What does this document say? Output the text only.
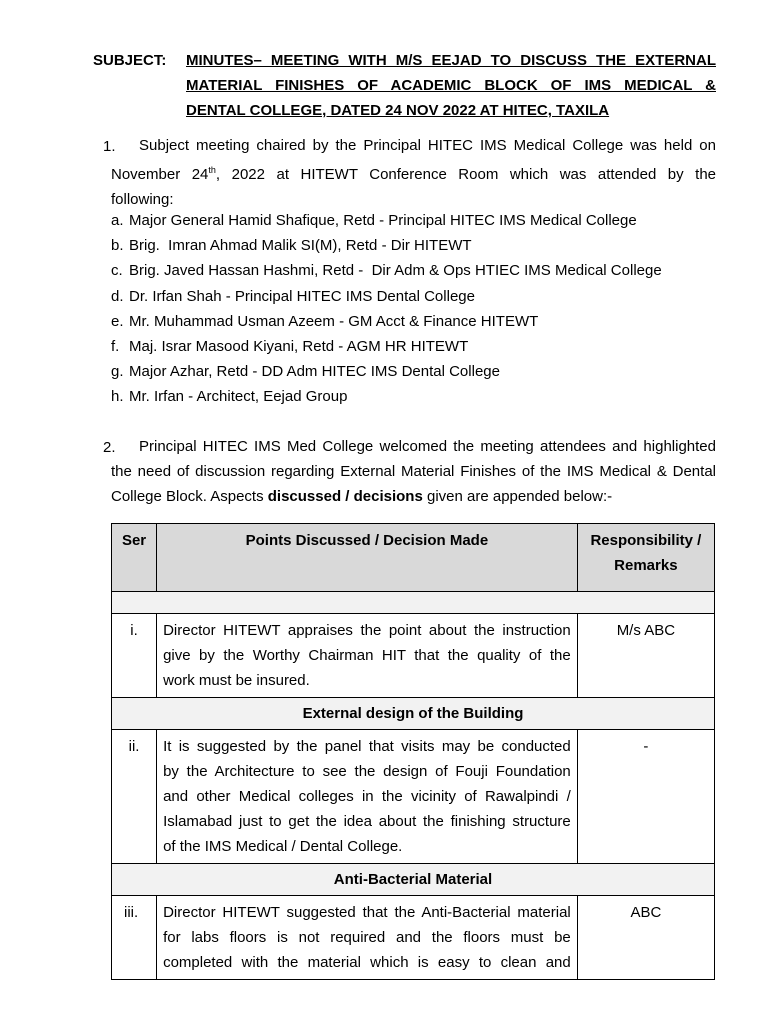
SUBJECT: MINUTES– MEETING WITH M/S EEJAD TO DISCUSS THE EXTERNAL
MATERIAL FINISHES OF ACADEMIC BLOCK OF IMS MEDICAL &
DENTAL COLLEGE, DATED 24 NOV 2022 AT HITEC, TAXILA
1.	Subject meeting chaired by the Principal HITEC IMS Medical College was held on
November 24th, 2022 at HITEWT Conference Room which was attended by the
following:
a. Major General Hamid Shafique, Retd - Principal HITEC IMS Medical College
b. Brig.  Imran Ahmad Malik SI(M), Retd - Dir HITEWT
c. Brig. Javed Hassan Hashmi, Retd -  Dir Adm & Ops HTIEC IMS Medical College
d. Dr. Irfan Shah - Principal HITEC IMS Dental College
e. Mr. Muhammad Usman Azeem - GM Acct & Finance HITEWT
f. Maj. Israr Masood Kiyani, Retd - AGM HR HITEWT
g. Major Azhar, Retd - DD Adm HITEC IMS Dental College
h. Mr. Irfan - Architect, Eejad Group
2.	Principal HITEC IMS Med College welcomed the meeting attendees and highlighted
the need of discussion regarding External Material Finishes of the IMS Medical & Dental
College Block. Aspects discussed / decisions given are appended below:-
Ser	Points Discussed / Decision Made	Responsibility /
Remarks

i.	Director HITEWT appraises the point about the instruction
give by the Worthy Chairman HIT that the quality of the
work must be insured.	M/s ABC
External design of the Building		
ii.	It is suggested by the panel that visits may be conducted
by the Architecture to see the design of Fouji Foundation
and other Medical colleges in the vicinity of Rawalpindi /
Islamabad just to get the idea about the finishing structure
of the IMS Medical / Dental College.	-
Anti-Bacterial Material		
iii.	Director HITEWT suggested that the Anti-Bacterial material
for labs floors is not required and the floors must be
completed with the material which is easy to clean and	ABC
